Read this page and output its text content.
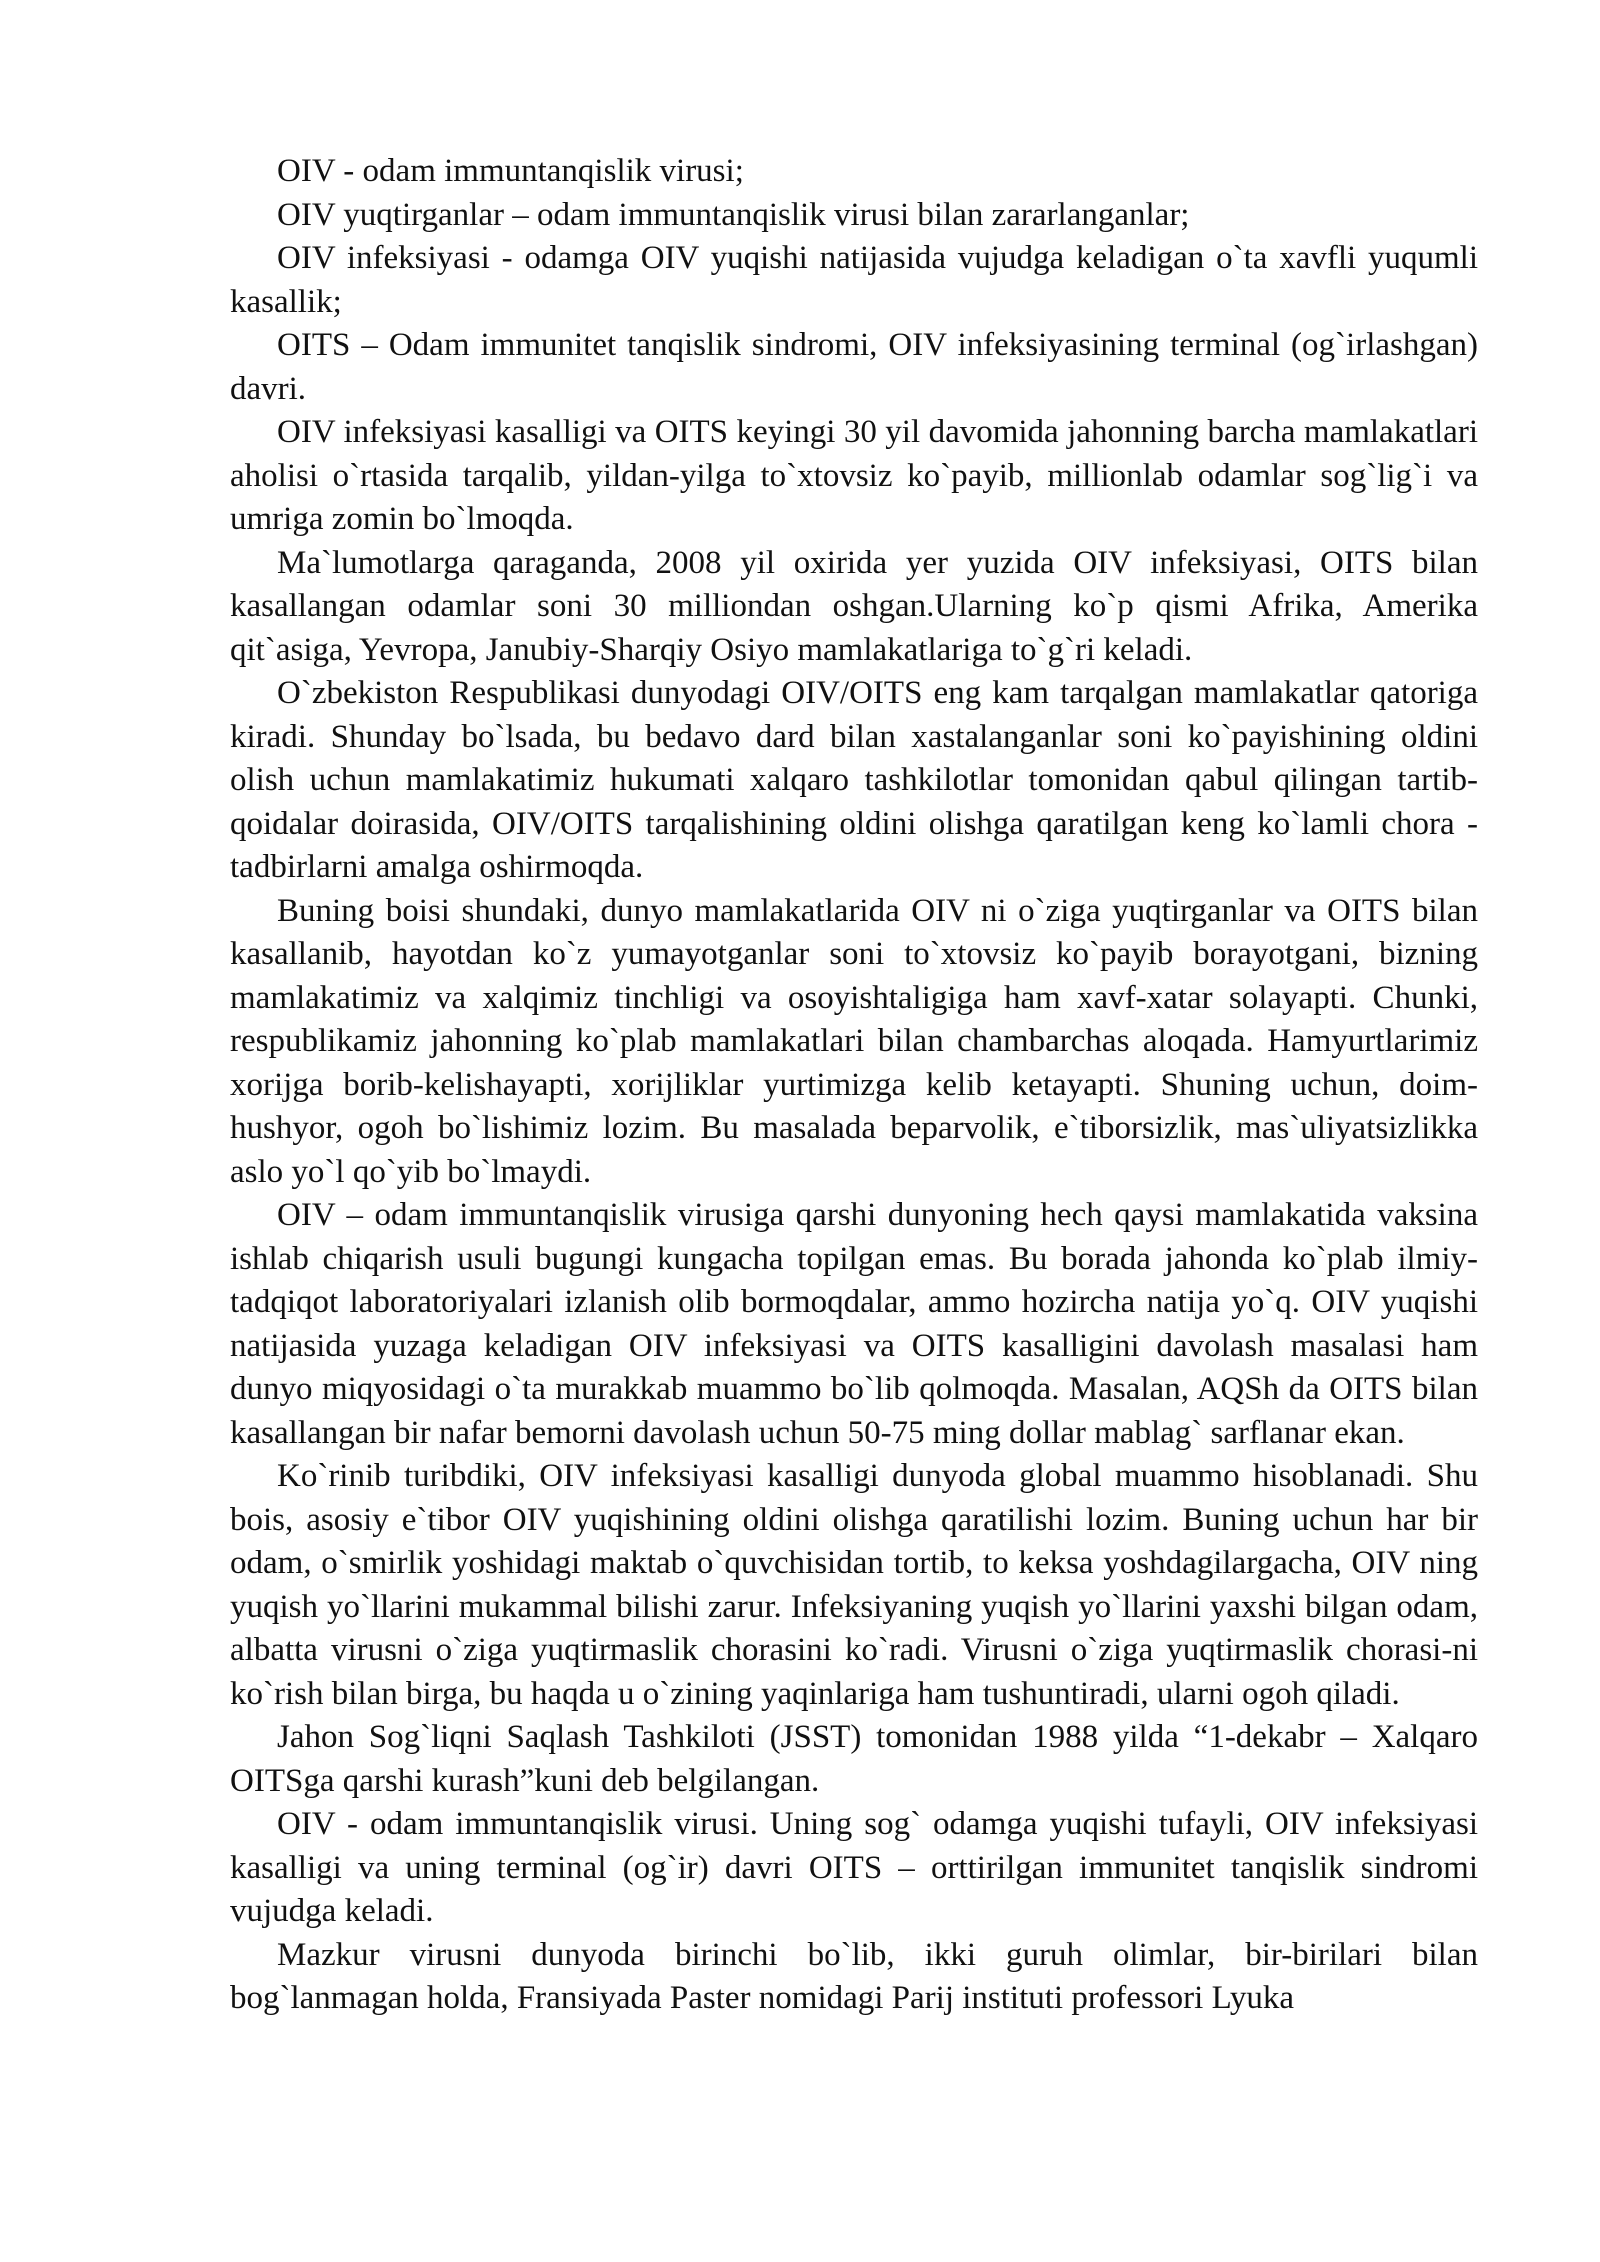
OIV - odam immuntanqislik virusi;

OIV yuqtirganlar – odam immuntanqislik virusi bilan zararlanganlar;

OIV infeksiyasi - odamga OIV yuqishi natijasida vujudga keladigan o`ta xavfli yuqumli kasallik;

OITS – Odam immunitet tanqislik sindromi, OIV infeksiyasining terminal (og`irlashgan) davri.

OIV infeksiyasi kasalligi va OITS keyingi 30 yil davomida jahonning barcha mamlakatlari aholisi o`rtasida tarqalib, yildan-yilga to`xtovsiz ko`payib, millionlab odamlar sog`lig`i va umriga zomin bo`lmoqda.

Ma`lumotlarga qaraganda, 2008 yil oxirida yer yuzida OIV infeksiyasi, OITS bilan kasallangan odamlar soni 30 milliondan oshgan.Ularning ko`p qismi Afrika, Amerika qit`asiga, Yevropa, Janubiy-Sharqiy Osiyo mamlakatlariga to`g`ri keladi.

O`zbekiston Respublikasi dunyodagi OIV/OITS eng kam tarqalgan mamlakatlar qatoriga kiradi. Shunday bo`lsada, bu bedavo dard bilan xastalanganlar soni ko`payishining oldini olish uchun mamlakatimiz hukumati xalqaro tashkilotlar tomonidan qabul qilingan tartib-qoidalar doirasida, OIV/OITS tarqalishining oldini olishga qaratilgan keng ko`lamli chora - tadbirlarni amalga oshirmoqda.

Buning boisi shundaki, dunyo mamlakatlarida OIV ni o`ziga yuqtirganlar va OITS bilan kasallanib, hayotdan ko`z yumayotganlar soni to`xtovsiz ko`payib borayotgani, bizning mamlakatimiz va xalqimiz tinchligi va osoyishtaligiga ham xavf-xatar solayapti. Chunki, respublikamiz jahonning ko`plab mamlakatlari bilan chambarchas aloqada. Hamyurtlarimiz xorijga borib-kelishayapti, xorijliklar yurtimizga kelib ketayapti. Shuning uchun, doim-hushyor, ogoh bo`lishimiz lozim. Bu masalada beparvolik, e`tiborsizlik, mas`uliyatsizlikka aslo yo`l qo`yib bo`lmaydi.

OIV – odam immuntanqislik virusiga qarshi dunyoning hech qaysi mamlakatida vaksina ishlab chiqarish usuli bugungi kungacha topilgan emas. Bu borada jahonda ko`plab ilmiy-tadqiqot laboratoriyalari izlanish olib bormoqdalar, ammo hozircha natija yo`q. OIV yuqishi natijasida yuzaga keladigan OIV infeksiyasi va OITS kasalligini davolash masalasi ham dunyo miqyosidagi o`ta murakkab muammo bo`lib qolmoqda. Masalan, AQSh da OITS bilan kasallangan bir nafar bemorni davolash uchun 50-75 ming dollar mablag` sarflanar ekan.

Ko`rinib turibdiki, OIV infeksiyasi kasalligi dunyoda global muammo hisoblanadi. Shu bois, asosiy e`tibor OIV yuqishining oldini olishga qaratilishi lozim. Buning uchun har bir odam, o`smirlik yoshidagi maktab o`quvchisidan tortib, to keksa yoshdagilargacha, OIV ning yuqish yo`llarini mukammal bilishi zarur. Infeksiyaning yuqish yo`llarini yaxshi bilgan odam, albatta virusni o`ziga yuqtirmaslik chorasini ko`radi. Virusni o`ziga yuqtirmaslik chorasi-ni ko`rish bilan birga, bu haqda u o`zining yaqinlariga ham tushuntiradi, ularni ogoh qiladi.

Jahon Sog`liqni Saqlash Tashkiloti (JSST) tomonidan 1988 yilda “1-dekabr – Xalqaro OITSga qarshi kurash”kuni deb belgilangan.

OIV - odam immuntanqislik virusi. Uning sog` odamga yuqishi tufayli, OIV infeksiyasi kasalligi va uning terminal (og`ir) davri OITS – orttirilgan immunitet tanqislik sindromi vujudga keladi.

Mazkur virusni dunyoda birinchi bo`lib, ikki guruh olimlar, bir-birilari bilan bog`lanmagan holda, Fransiyada Paster nomidagi Parij instituti professori Lyuka
